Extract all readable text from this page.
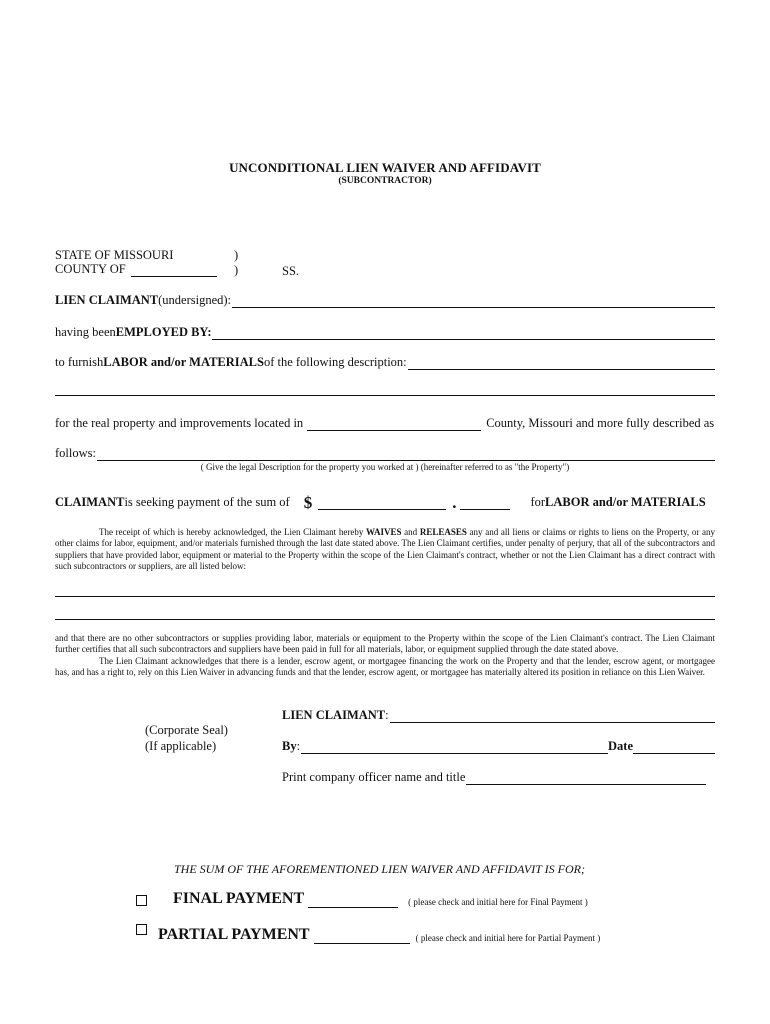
UNCONDITIONAL LIEN WAIVER AND AFFIDAVIT
(SUBCONTRACTOR)
STATE OF MISSOURI	)
COUNTY OF	)	SS.
LIEN CLAIMANT (undersigned):
having been EMPLOYED BY:
to furnish LABOR and/or MATERIALS of the following description:
for the real property and improvements located in	County, Missouri and more fully described as
follows:
( Give the legal Description for the property you worked at ) (hereinafter referred to as "the Property")
CLAIMANT is seeking payment of the sum of $	.	for LABOR and/or MATERIALS
The receipt of which is hereby acknowledged, the Lien Claimant hereby WAIVES and RELEASES any and all liens or claims or rights to liens on the Property, or any other claims for labor, equipment, and/or materials furnished through the last date stated above. The Lien Claimant certifies, under penalty of perjury, that all of the subcontractors and suppliers that have provided labor, equipment or material to the Property within the scope of the Lien Claimant's contract, whether or not the Lien Claimant has a direct contract with such subcontractors or suppliers, are all listed below:
and that there are no other subcontractors or supplies providing labor, materials or equipment to the Property within the scope of the Lien Claimant's contract. The Lien Claimant further certifies that all such subcontractors and suppliers have been paid in full for all materials, labor, or equipment supplied through the date stated above.
The Lien Claimant acknowledges that there is a lender, escrow agent, or mortgagee financing the work on the Property and that the lender, escrow agent, or mortgagee has, and has a right to, rely on this Lien Waiver in advancing funds and that the lender, escrow agent, or mortgagee has materially altered its position in reliance on this Lien Waiver.
LIEN CLAIMANT :
(Corporate Seal)
(If applicable)	By :	Date
Print company officer name and title
THE SUM OF THE AFOREMENTIONED LIEN WAIVER AND AFFIDAVIT IS FOR;
FINAL PAYMENT	( please check and initial here for Final Payment )
PARTIAL PAYMENT	( please check and initial here for Partial Payment )
